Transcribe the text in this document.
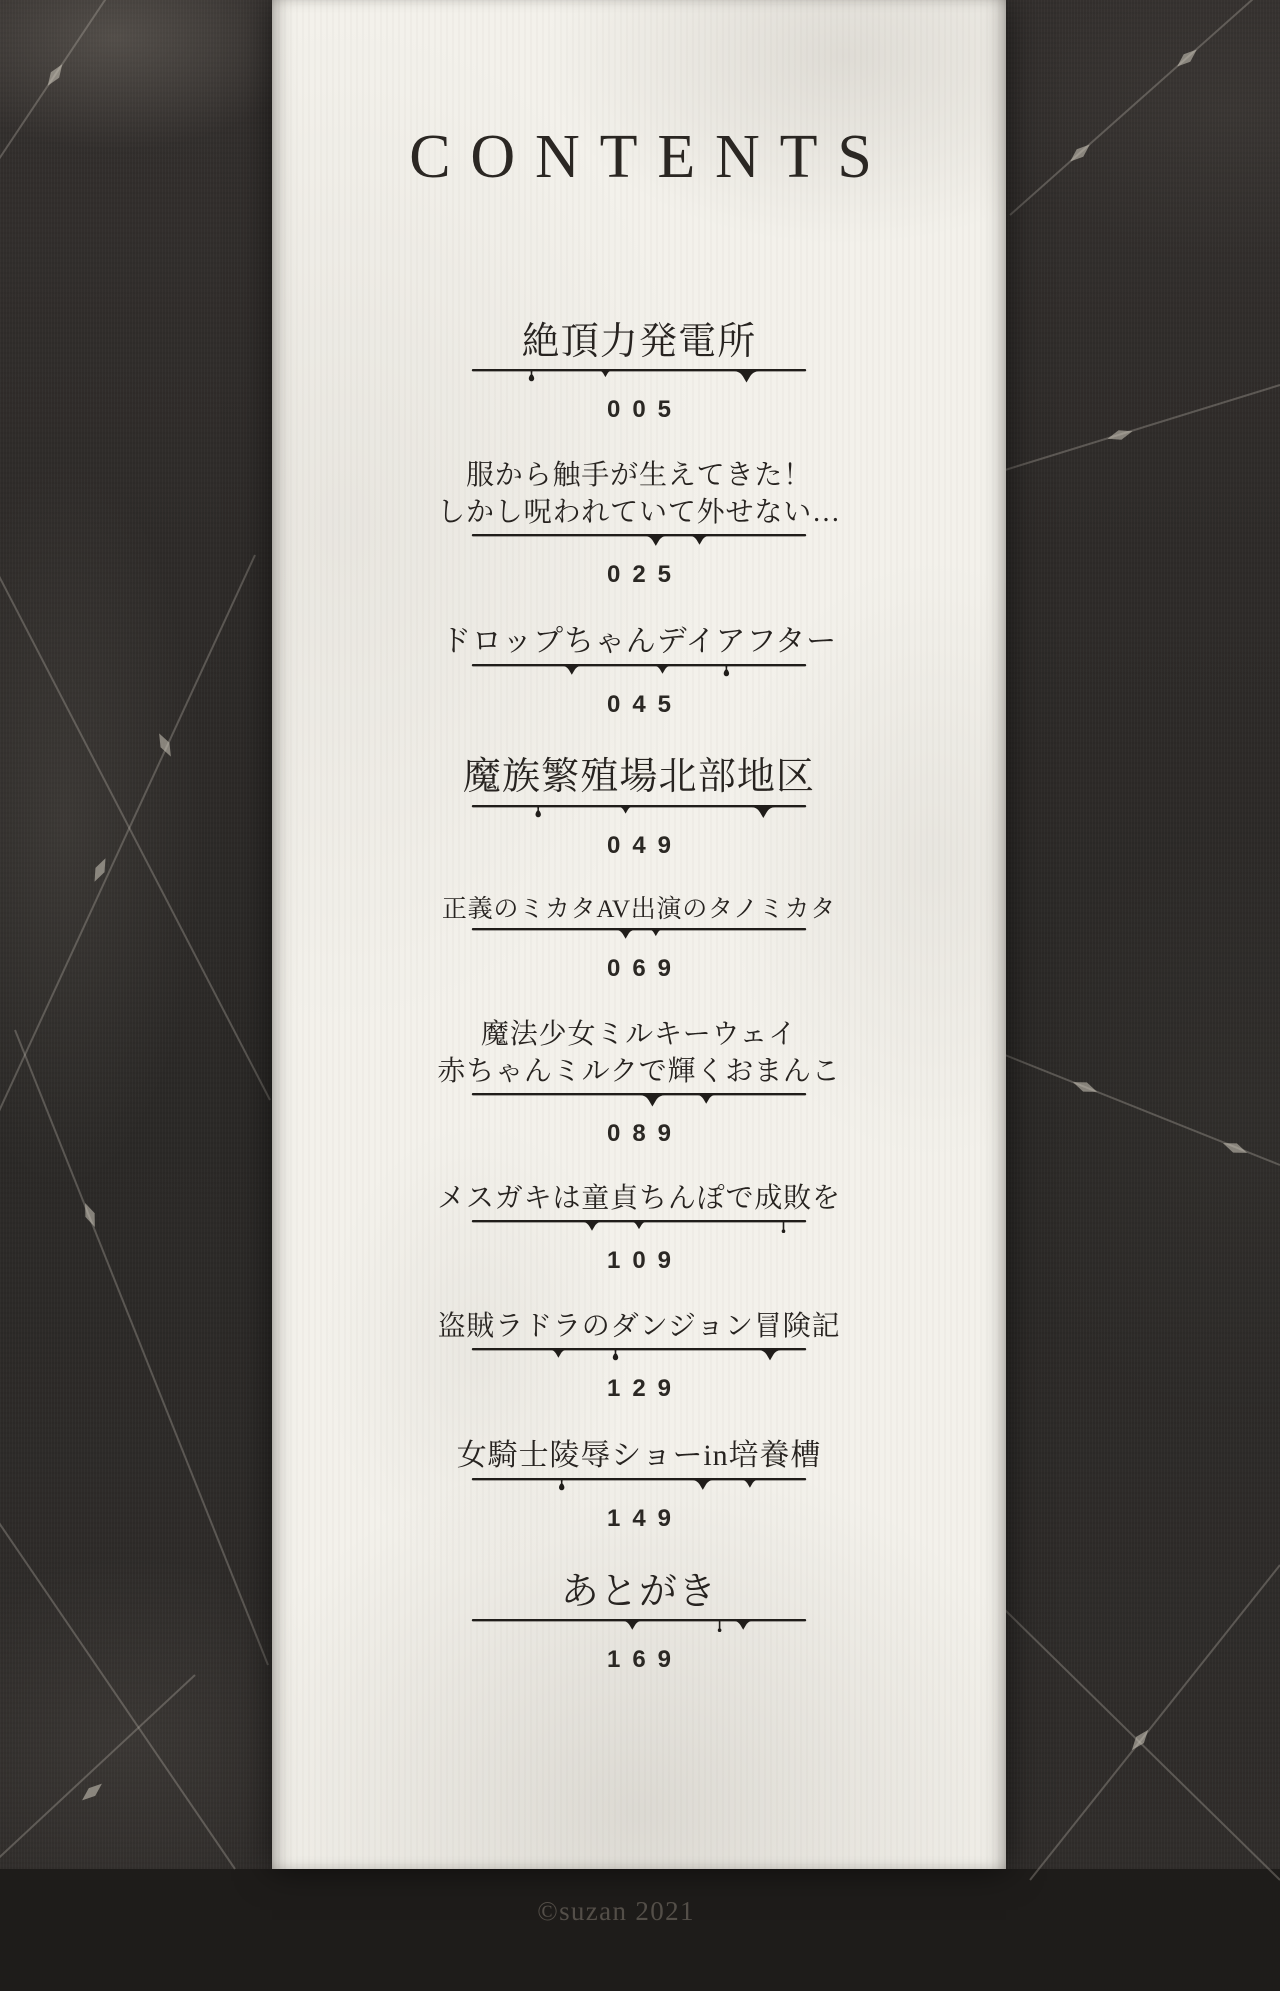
CONTENTS
絶頂力発電所
005
服から触手が生えてきた！
しかし呪われていて外せない…
025
ドロップちゃんデイアフター
045
魔族繁殖場北部地区
049
正義のミカタAV出演のタノミカタ
069
魔法少女ミルキーウェイ
赤ちゃんミルクで輝くおまんこ
089
メスガキは童貞ちんぽで成敗を
109
盗賊ラドラのダンジョン冒険記
129
女騎士陵辱ショーin培養槽
149
あとがき
169
©suzan 2021
